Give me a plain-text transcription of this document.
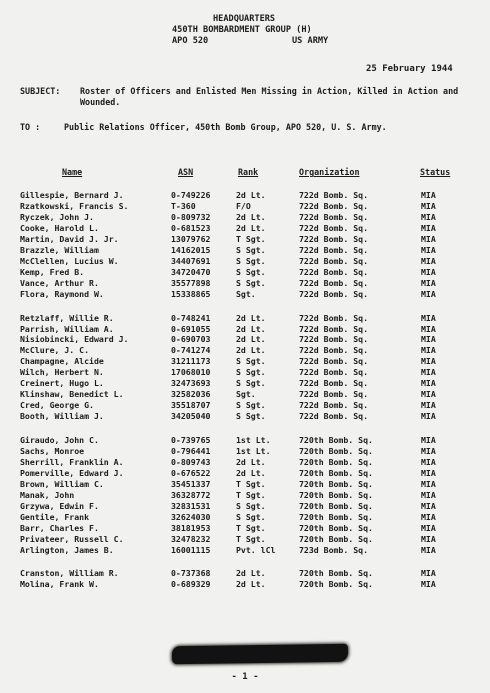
HEADQUARTERS
450TH BOMBARDMENT GROUP (H)
APO 520	US ARMY
25 February 1944
SUBJECT: Roster of Officers and Enlisted Men Missing in Action, Killed in Action and Wounded.
TO :	Public Relations Officer, 450th Bomb Group, APO 520, U. S. Army.
Name	ASN	Rank	Organization	Status
Gillespie, Bernard J.	0-749226	2d Lt.	722d Bomb. Sq.	MIA
Rzatkowski, Francis S.	T-360	F/O	722d Bomb. Sq.	MIA
Ryczek, John J.	0-809732	2d Lt.	722d Bomb. Sq.	MIA
Cooke, Harold L.	0-681523	2d Lt.	722d Bomb. Sq.	MIA
Martin, David J. Jr.	13079762	T Sgt.	722d Bomb. Sq.	MIA
Brazzle, William	14162015	S Sgt.	722d Bomb. Sq.	MIA
McClellen, Lucius W.	34407691	S Sgt.	722d Bomb. Sq.	MIA
Kemp, Fred B.	34720470	S Sgt.	722d Bomb. Sq.	MIA
Vance, Arthur R.	35577898	S Sgt.	722d Bomb. Sq.	MIA
Flora, Raymond W.	15338865	Sgt.	722d Bomb. Sq.	MIA
Retzlaff, Willie R.	0-748241	2d Lt.	722d Bomb. Sq.	MIA
Parrish, William A.	0-691055	2d Lt.	722d Bomb. Sq.	MIA
Nisiobincki, Edward J.	0-690703	2d Lt.	722d Bomb. Sq.	MIA
McClure, J. C.	0-741274	2d Lt.	722d Bomb. Sq.	MIA
Champagne, Alcide	31211173	S Sgt.	722d Bomb. Sq.	MIA
Wilch, Herbert N.	17068010	S Sgt.	722d Bomb. Sq.	MIA
Creinert, Hugo L.	32473693	S Sgt.	722d Bomb. Sq.	MIA
Klinshaw, Benedict L.	32582036	Sgt.	722d Bomb. Sq.	MIA
Cred, George G.	35518707	S Sgt.	722d Bomb. Sq.	MIA
Booth, William J.	34205040	S Sgt.	722d Bomb. Sq.	MIA
Giraudo, John C.	0-739765	1st Lt.	720th Bomb. Sq.	MIA
Sachs, Monroe	0-796441	1st Lt.	720th Bomb. Sq.	MIA
Sherrill, Franklin A.	0-809743	2d Lt.	720th Bomb. Sq.	MIA
Pomerville, Edward J.	0-676522	2d Lt.	720th Bomb. Sq.	MIA
Brown, William C.	35451337	T Sgt.	720th Bomb. Sq.	MIA
Manak, John	36328772	T Sgt.	720th Bomb. Sq.	MIA
Grzywa, Edwin F.	32831531	S Sgt.	720th Bomb. Sq.	MIA
Gentile, Frank	32624030	S Sgt.	720th Bomb. Sq.	MIA
Barr, Charles F.	38181953	T Sgt.	720th Bomb. Sq.	MIA
Privateer, Russell C.	32478232	T Sgt.	720th Bomb. Sq.	MIA
Arlington, James B.	16001115	Pvt. lCl	723d Bomb. Sq.	MIA
Cranston, William R.	0-737368	2d Lt.	720th Bomb. Sq.	MIA
Molina, Frank W.	0-689329	2d Lt.	720th Bomb. Sq.	MIA
- 1 -
